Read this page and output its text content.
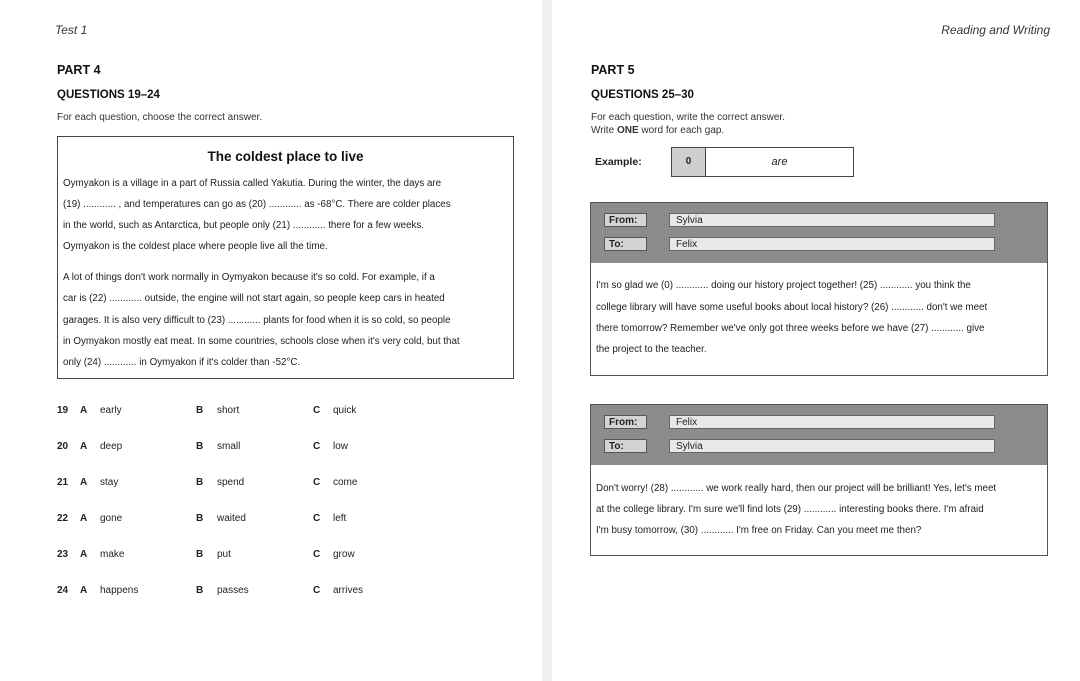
Test 1
PART 4
QUESTIONS 19–24
For each question, choose the correct answer.
The coldest place to live
Oymyakon is a village in a part of Russia called Yakutia. During the winter, the days are
(19) ............ , and temperatures can go as (20) ............ as -68°C. There are colder places
in the world, such as Antarctica, but people only (21) ............ there for a few weeks.
Oymyakon is the coldest place where people live all the time.
A lot of things don't work normally in Oymyakon because it's so cold. For example, if a
car is (22) ............ outside, the engine will not start again, so people keep cars in heated
garages. It is also very difficult to (23) ............ plants for food when it is so cold, so people
in Oymyakon mostly eat meat. In some countries, schools close when it's very cold, but that
only (24) ............ in Oymyakon if it's colder than -52°C.
19 A early	B short	C quick
20 A deep	B small	C low
21 A stay	B spend	C come
22 A gone	B waited	C left
23 A make	B put	C grow
24 A happens	B passes	C arrives
Reading and Writing
PART 5
QUESTIONS 25–30
For each question, write the correct answer.
Write ONE word for each gap.
Example:	0	are
From:	Sylvia
To:	Felix
I'm so glad we (0) ............ doing our history project together! (25) ............ you think the
college library will have some useful books about local history? (26) ............ don't we meet
there tomorrow? Remember we've only got three weeks before we have (27) ............ give
the project to the teacher.
From:	Felix
To:	Sylvia
Don't worry! (28) ............ we work really hard, then our project will be brilliant! Yes, let's meet
at the college library. I'm sure we'll find lots (29) ............ interesting books there. I'm afraid
I'm busy tomorrow, (30) ............ I'm free on Friday. Can you meet me then?
